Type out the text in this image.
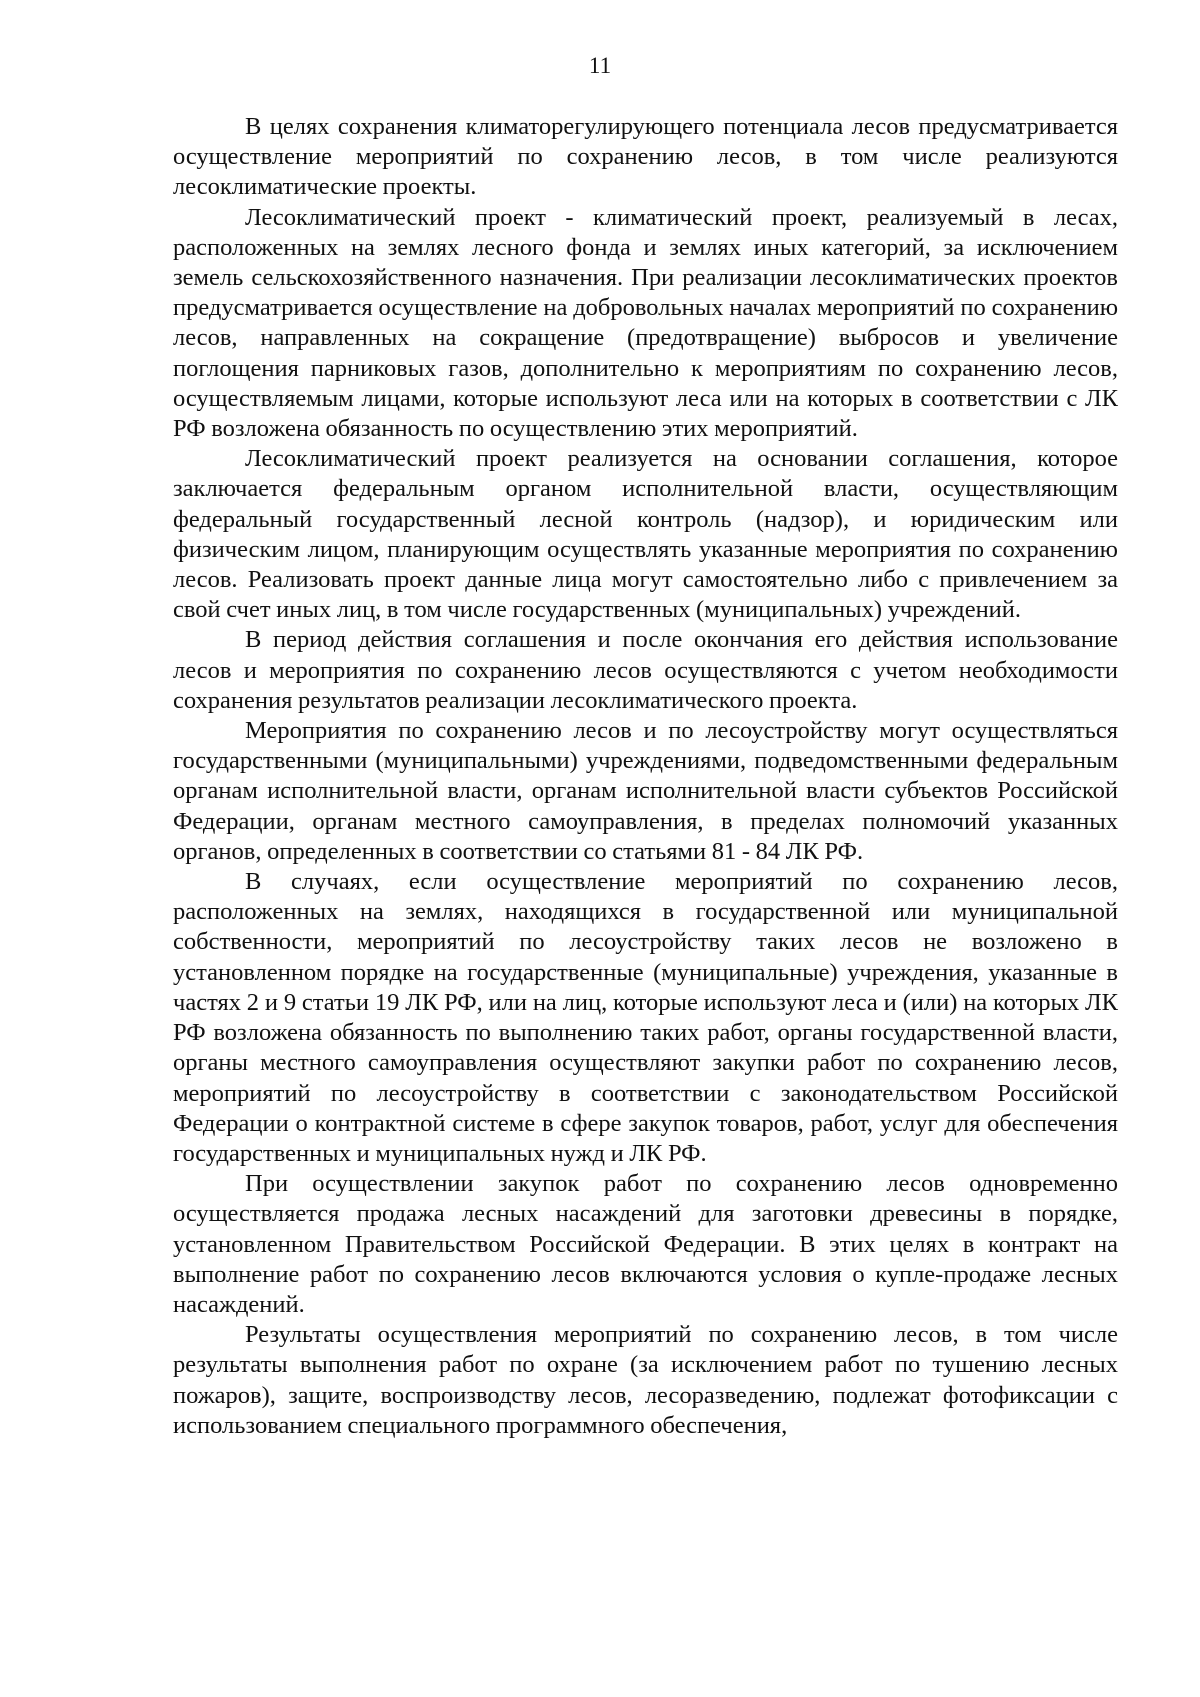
11

В целях сохранения климаторегулирующего потенциала лесов предусматривается осуществление мероприятий по сохранению лесов, в том числе реализуются лесоклиматические проекты.

Лесоклиматический проект - климатический проект, реализуемый в лесах, расположенных на землях лесного фонда и землях иных категорий, за исключением земель сельскохозяйственного назначения. При реализации лесоклиматических проектов предусматривается осуществление на добровольных началах мероприятий по сохранению лесов, направленных на сокращение (предотвращение) выбросов и увеличение поглощения парниковых газов, дополнительно к мероприятиям по сохранению лесов, осуществляемым лицами, которые используют леса или на которых в соответствии с ЛК РФ возложена обязанность по осуществлению этих мероприятий.

Лесоклиматический проект реализуется на основании соглашения, которое заключается федеральным органом исполнительной власти, осуществляющим федеральный государственный лесной контроль (надзор), и юридическим или физическим лицом, планирующим осуществлять указанные мероприятия по сохранению лесов. Реализовать проект данные лица могут самостоятельно либо с привлечением за свой счет иных лиц, в том числе государственных (муниципальных) учреждений.

В период действия соглашения и после окончания его действия использование лесов и мероприятия по сохранению лесов осуществляются с учетом необходимости сохранения результатов реализации лесоклиматического проекта.

Мероприятия по сохранению лесов и по лесоустройству могут осуществляться государственными (муниципальными) учреждениями, подведомственными федеральным органам исполнительной власти, органам исполнительной власти субъектов Российской Федерации, органам местного самоуправления, в пределах полномочий указанных органов, определенных в соответствии со статьями 81 - 84 ЛК РФ.

В случаях, если осуществление мероприятий по сохранению лесов, расположенных на землях, находящихся в государственной или муниципальной собственности, мероприятий по лесоустройству таких лесов не возложено в установленном порядке на государственные (муниципальные) учреждения, указанные в частях 2 и 9 статьи 19 ЛК РФ, или на лиц, которые используют леса и (или) на которых ЛК РФ возложена обязанность по выполнению таких работ, органы государственной власти, органы местного самоуправления осуществляют закупки работ по сохранению лесов, мероприятий по лесоустройству в соответствии с законодательством Российской Федерации о контрактной системе в сфере закупок товаров, работ, услуг для обеспечения государственных и муниципальных нужд и ЛК РФ.

При осуществлении закупок работ по сохранению лесов одновременно осуществляется продажа лесных насаждений для заготовки древесины в порядке, установленном Правительством Российской Федерации. В этих целях в контракт на выполнение работ по сохранению лесов включаются условия о купле-продаже лесных насаждений.

Результаты осуществления мероприятий по сохранению лесов, в том числе результаты выполнения работ по охране (за исключением работ по тушению лесных пожаров), защите, воспроизводству лесов, лесоразведению, подлежат фотофиксации с использованием специального программного обеспечения,
